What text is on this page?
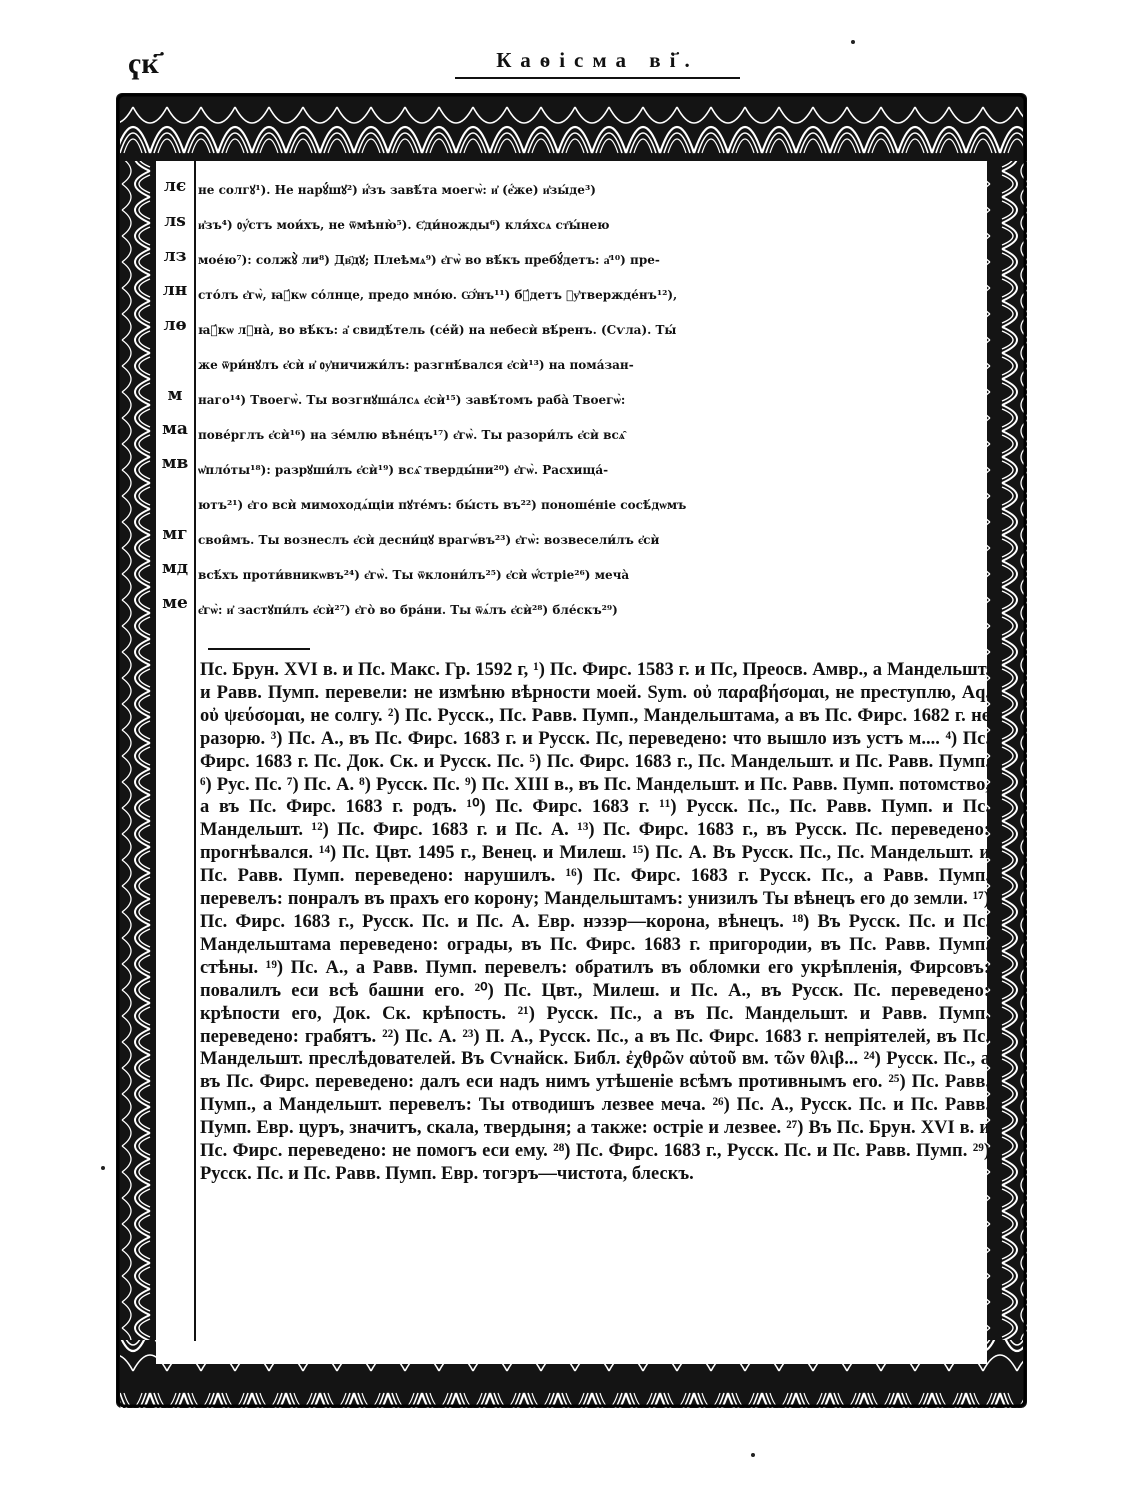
ҁк҃	Каѳісма ві҃.
лє
лѕ
лз
лн
лѳ
м
ма
мв
мг
мд
ме
не солгꙋ¹). Не нарꙋ́шꙋ²) и҆́зъ завѣ́та моегѡ̀: и҆ (е҆́же) и҆зы́де³)
и҆зъ⁴) ᲂу҆́стъ мои́хъ, не ѿмѣню̀⁵). Є҆ди́ножды⁶) кля́хсѧ ст҃ы́нею
мое́ю⁷): солжꙋ̀ ли⁸) Дв҃дꙋ; Плеѣмѧ⁹) є҆гѡ̀ во вѣ́къ пребꙋ́детъ: а҆¹⁰) пре-
сто́лъ є҆гѡ̀, ꙗ҆́кѡ со́лнце, предо мно́ю. Ѡ҆́нъ¹¹) бꙋ́детъ ᲂу҆твержде́нъ¹²),
ꙗ҆́кѡ лꙋна̀, во вѣ́къ: а҆ свидѣ́тель (се́й) на небесѝ вѣ́ренъ. (Сѵла). Ты́
же ѿри́нꙋлъ є҆сѝ и҆ ᲂу҆ничижи́лъ: разгнѣ́вался є҆сѝ¹³) на пома́зан-
наго¹⁴) Твоегѡ̀. Ты возгнꙋша́лсѧ є҆сѝ¹⁵) завѣ́томъ раба̀ Твоегѡ̀:
пове́рглъ є҆сѝ¹⁶) на зе́млю вѣне́цъ¹⁷) є҆гѡ̀. Ты разори́лъ є҆сѝ всѧ̑
ѡ҆пло́ты¹⁸): разрꙋши́лъ є҆сѝ¹⁹) всѧ̑ тверды́ни²⁰) є҆гѡ̀. Расхища́-
ютъ²¹) є҆го всѝ мимоходѧ́щіи пꙋте́мъ: бы́сть въ²²) поноше́ніе сосѣ́дѡмъ
свои̑мъ. Ты вознеслъ є҆сѝ десни́цꙋ врагѡ́въ²³) є҆гѡ̀: возвесели́лъ є҆сѝ
всѣ́хъ проти́вникѡвъ²⁴) є҆гѡ̀. Ты ѿклони́лъ²⁵) є҆сѝ ѡ҆́стріе²⁶) меча̀
є҆гѡ̀: и҆ застꙋпи́лъ є҆сѝ²⁷) є҆го̀ во бра́ни. Ты ѿѧ́лъ є҆сѝ²⁸) бле́скъ²⁹)

Пс. Брун. XVI в. и Пс. Макс. Гр. 1592 г, ¹) Пс. Фирс. 1583 г. и Пс, Преосв. Амвр., а Мандельшт. и Равв. Пумп. перевели: не измѣню вѣрности моей. Sym. οὐ παραβήσομαι, не преступлю, Aq. οὐ ψεύσομαι, не солгу. ²) Пс. Русск., Пс. Равв. Пумп., Мандельштама, а въ Пс. Фирс. 1682 г. не разорю. ³) Пс. А., въ Пс. Фирс. 1683 г. и Русск. Пс, переведено: что вышло изъ устъ м.... ⁴) Пс. Фирс. 1683 г. Пс. Док. Ск. и Русск. Пс. ⁵) Пс. Фирс. 1683 г., Пс. Мандельшт. и Пс. Равв. Пумп. ⁶) Рус. Пс. ⁷) Пс. А. ⁸) Русск. Пс. ⁹) Пс. XIII в., въ Пс. Мандельшт. и Пс. Равв. Пумп. потомство, а въ Пс. Фирс. 1683 г. родъ. ¹⁰) Пс. Фирс. 1683 г. ¹¹) Русск. Пс., Пс. Равв. Пумп. и Пс. Мандельшт. ¹²) Пс. Фирс. 1683 г. и Пс. А. ¹³) Пс. Фирс. 1683 г., въ Русск. Пс. переведено: прогнѣвался. ¹⁴) Пс. Цвт. 1495 г., Венец. и Милеш. ¹⁵) Пс. А. Въ Русск. Пс., Пс. Мандельшт. и Пс. Равв. Пумп. переведено: нарушилъ. ¹⁶) Пс. Фирс. 1683 г. Русск. Пс., а Равв. Пумп. перевелъ: понралъ въ прахъ его корону; Мандельштамъ: унизилъ Ты вѣнецъ его до земли. ¹⁷) Пс. Фирс. 1683 г., Русск. Пс. и Пс. А. Евр. нэзэр—корона, вѣнецъ. ¹⁸) Въ Русск. Пс. и Пс. Мандельштама переведено: ограды, въ Пс. Фирс. 1683 г. пригородии, въ Пс. Равв. Пумп. стѣны. ¹⁹) Пс. А., а Равв. Пумп. перевелъ: обратилъ въ обломки его укрѣпленія, Фирсовъ: повалилъ еси всѣ башни его. ²⁰) Пс. Цвт., Милеш. и Пс. А., въ Русск. Пс. переведено: крѣпости его, Док. Ск. крѣпость. ²¹) Русск. Пс., а въ Пс. Мандельшт. и Равв. Пумп. переведено: грабятъ. ²²) Пс. А. ²³) П. А., Русск. Пс., а въ Пс. Фирс. 1683 г. непріятелей, въ Пс. Мандельшт. преслѣдователей. Въ Сѵнайск. Библ. ἐχθρῶν αὐτοῦ вм. τῶν θλιβ... ²⁴) Русск. Пс., а въ Пс. Фирс. переведено: далъ еси надъ нимъ утѣшеніе всѣмъ противнымъ его. ²⁵) Пс. Равв. Пумп., а Мандельшт. перевелъ: Ты отводишъ лезвее меча. ²⁶) Пс. А., Русск. Пс. и Пс. Равв. Пумп. Евр. цуръ, значитъ, скала, твердыня; а также: острiе и лезвее. ²⁷) Въ Пс. Брун. XVI в. и Пс. Фирс. переведено: не помогъ еси ему. ²⁸) Пс. Фирс. 1683 г., Русск. Пс. и Пс. Равв. Пумп. ²⁹) Русск. Пс. и Пс. Равв. Пумп. Евр. тогэръ—чистота, блескъ.
